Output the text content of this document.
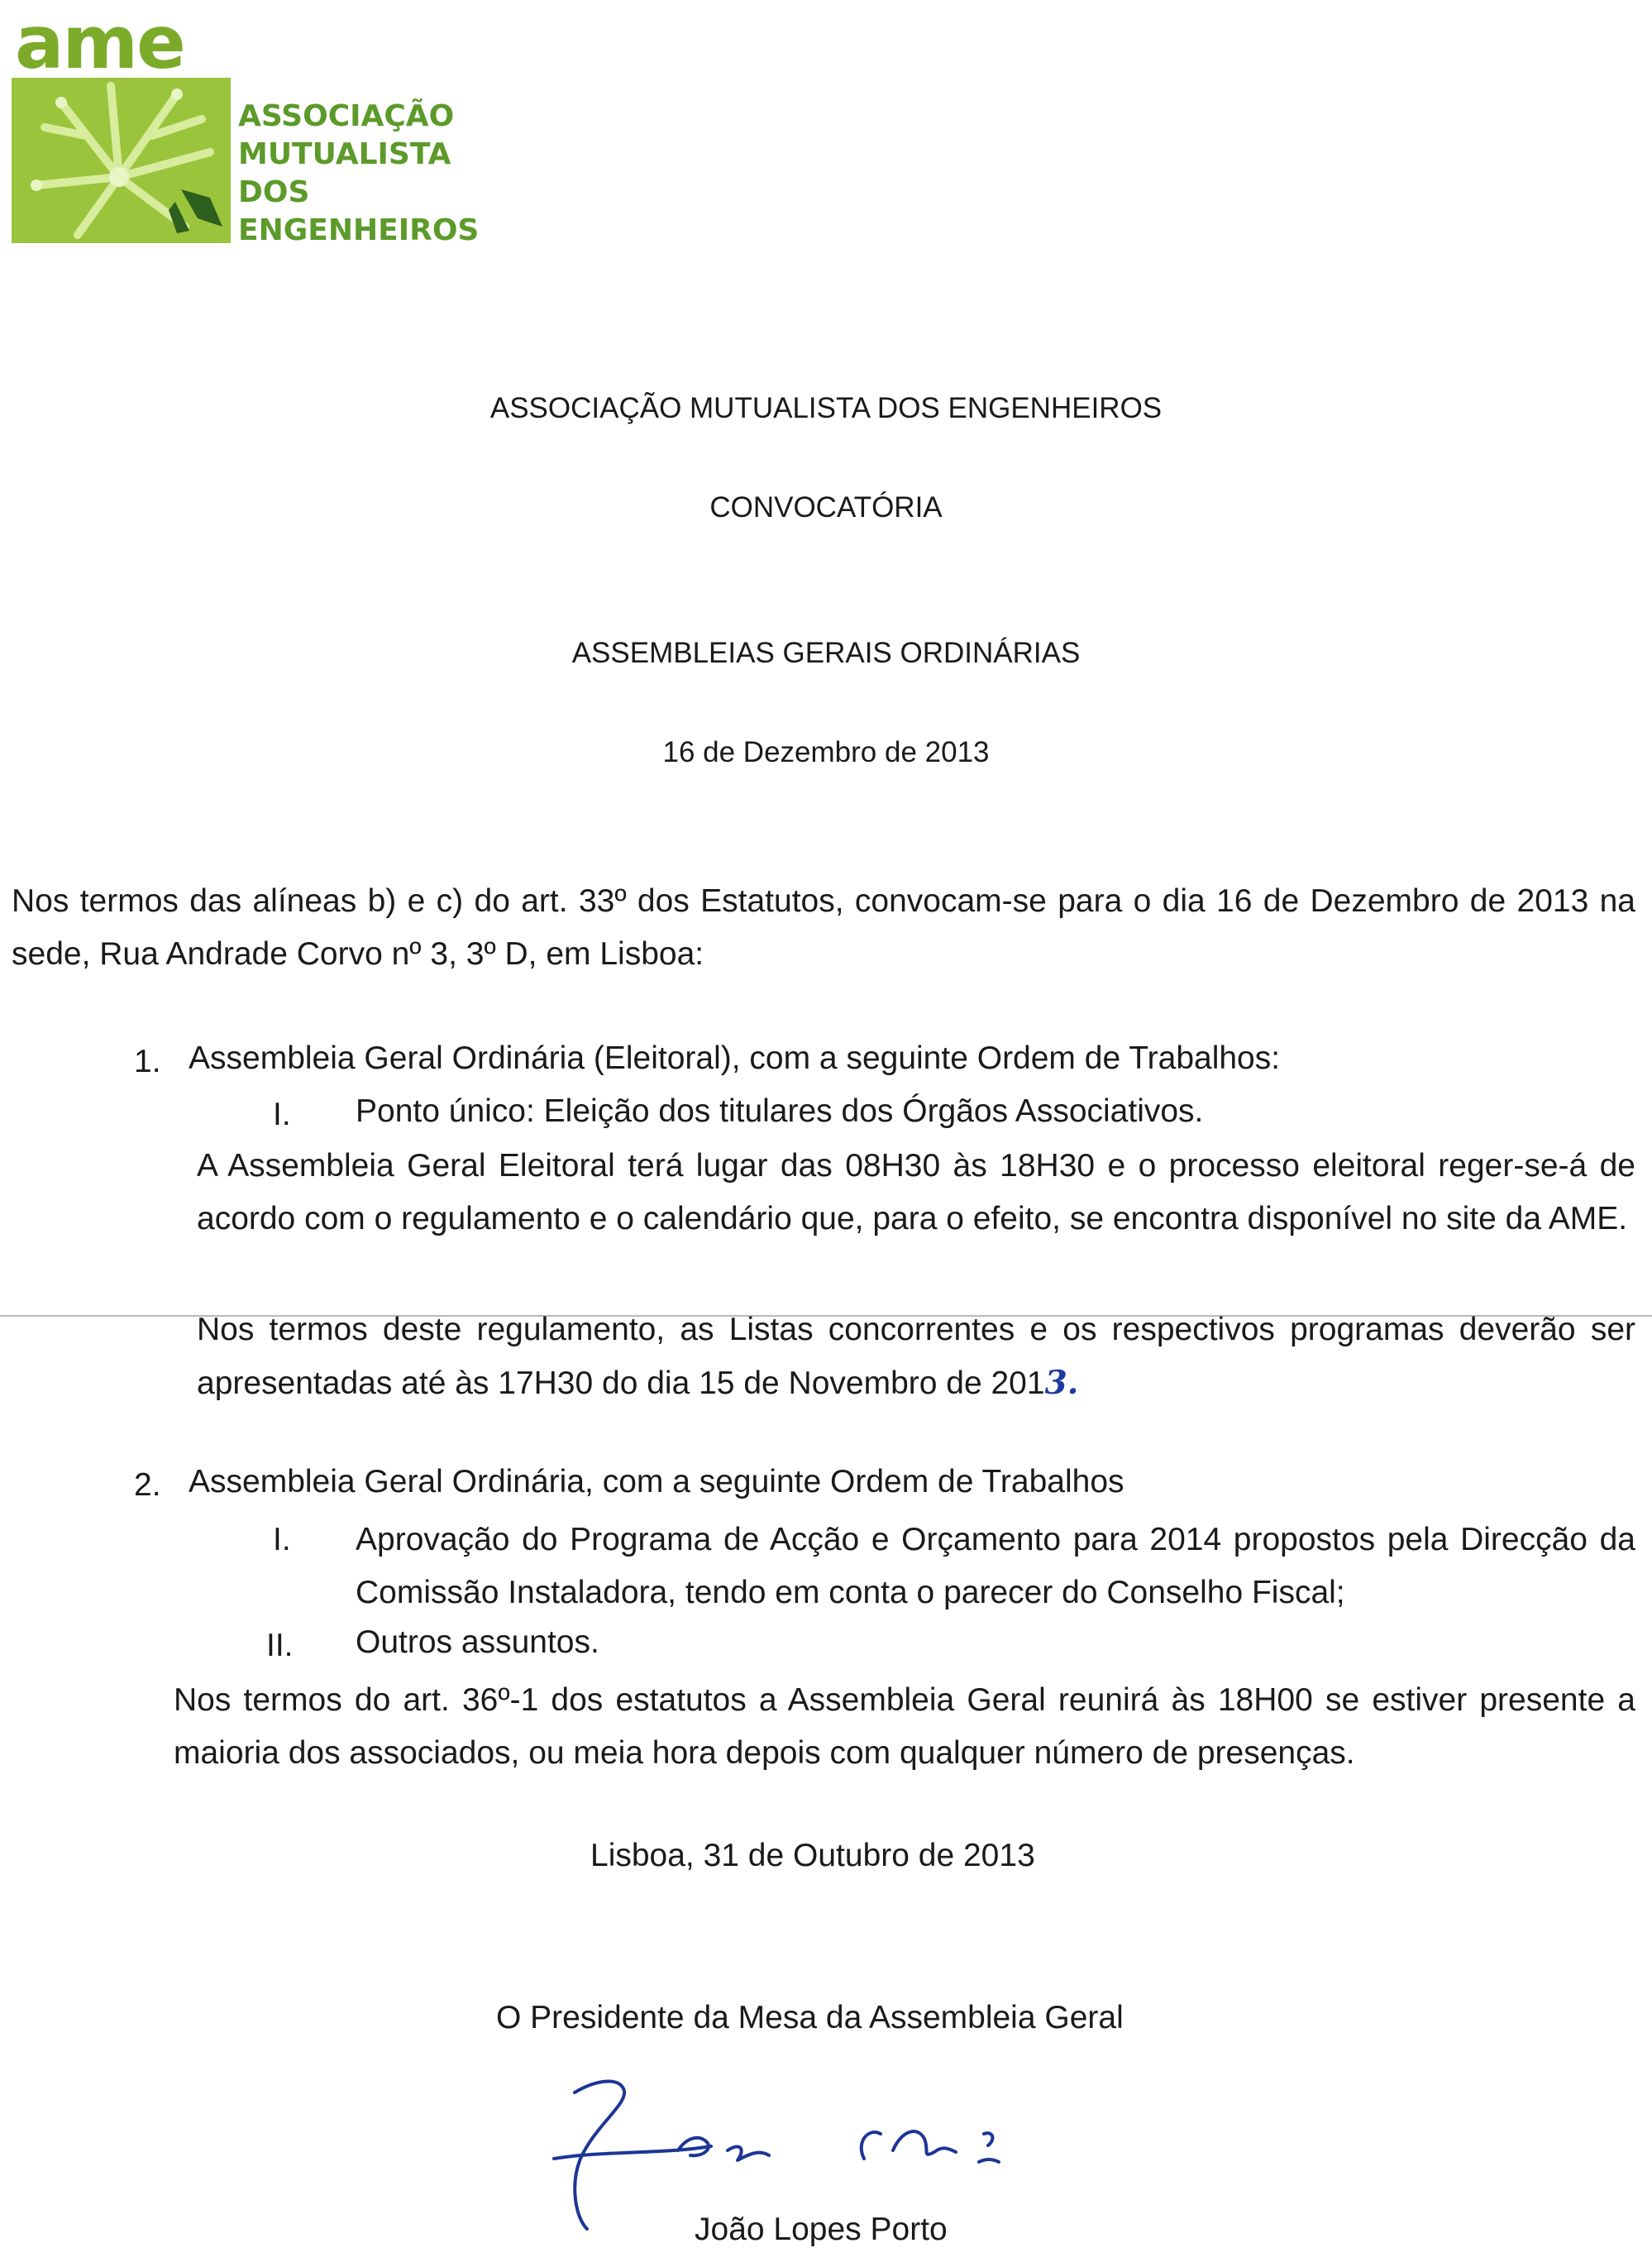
ame
ASSOCIAÇÃO
MUTUALISTA
DOS
ENGENHEIROS
ASSOCIAÇÃO MUTUALISTA DOS ENGENHEIROS
CONVOCATÓRIA
ASSEMBLEIAS GERAIS ORDINÁRIAS
16 de Dezembro de 2013
Nos termos das alíneas b) e c) do art. 33º dos Estatutos, convocam-se para o dia 16 de Dezembro de 2013 na sede, Rua Andrade Corvo nº 3, 3º D, em Lisboa:
1. Assembleia Geral Ordinária (Eleitoral), com a seguinte Ordem de Trabalhos:
I. Ponto único: Eleição dos titulares dos Órgãos Associativos.
A Assembleia Geral Eleitoral terá lugar das 08H30 às 18H30 e o processo eleitoral reger-se-á de acordo com o regulamento e o calendário que, para o efeito, se encontra disponível no site da AME.
Nos termos deste regulamento, as Listas concorrentes e os respectivos programas deverão ser apresentadas até às 17H30 do dia 15 de Novembro de 2013.
2. Assembleia Geral Ordinária, com a seguinte Ordem de Trabalhos
I. Aprovação do Programa de Acção e Orçamento para 2014 propostos pela Direcção da Comissão Instaladora, tendo em conta o parecer do Conselho Fiscal;
II. Outros assuntos.
Nos termos do art. 36º-1 dos estatutos a Assembleia Geral reunirá às 18H00 se estiver presente a maioria dos associados, ou meia hora depois com qualquer número de presenças.
Lisboa, 31 de Outubro de 2013
O Presidente da Mesa da Assembleia Geral
João Lopes Porto
